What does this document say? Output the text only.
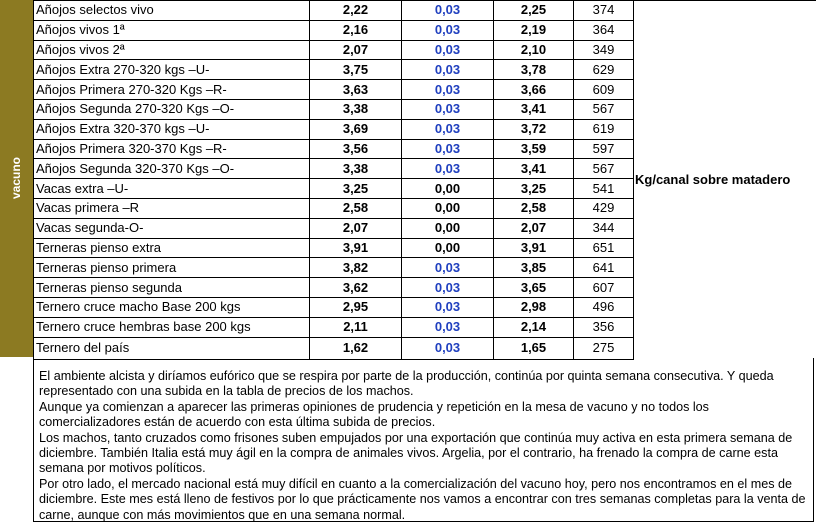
vacuno
Añojos selectos vivo	2,22	0,03	2,25	374
Añojos vivos 1ª	2,16	0,03	2,19	364
Añojos vivos 2ª	2,07	0,03	2,10	349
Añojos Extra 270-320 kgs –U-	3,75	0,03	3,78	629
Añojos Primera 270-320 Kgs –R-	3,63	0,03	3,66	609
Añojos Segunda 270-320 Kgs –O-	3,38	0,03	3,41	567
Añojos Extra 320-370 kgs –U-	3,69	0,03	3,72	619
Añojos Primera 320-370 Kgs –R-	3,56	0,03	3,59	597
Añojos Segunda 320-370 Kgs –O-	3,38	0,03	3,41	567
Vacas extra –U-	3,25	0,00	3,25	541
Vacas primera –R	2,58	0,00	2,58	429
Vacas segunda-O-	2,07	0,00	2,07	344
Terneras pienso extra	3,91	0,00	3,91	651
Terneras pienso primera	3,82	0,03	3,85	641
Terneras pienso segunda	3,62	0,03	3,65	607
Ternero cruce macho Base 200 kgs	2,95	0,03	2,98	496
Ternero cruce hembras base 200 kgs	2,11	0,03	2,14	356
Ternero del país	1,62	0,03	1,65	275
Kg/canal sobre matadero

El ambiente alcista y diríamos eufórico que se respira por parte de la producción, continúa por quinta semana consecutiva. Y queda representado con una subida en la tabla de precios de los machos.

Aunque ya comienzan a aparecer las primeras opiniones de prudencia y repetición en la mesa de vacuno y no todos los comercializadores están de acuerdo con esta última subida de precios.

Los machos, tanto cruzados como frisones suben empujados por una exportación que continúa muy activa en esta primera semana de diciembre. También Italia está muy ágil en la compra de animales vivos. Argelia, por el contrario, ha frenado la compra de carne esta semana por motivos políticos.

Por otro lado, el mercado nacional está muy difícil en cuanto a la comercialización del vacuno hoy, pero nos encontramos en el mes de diciembre. Este mes está lleno de festivos por lo que prácticamente nos vamos a encontrar con tres semanas completas para la venta de carne, aunque con más movimientos que en una semana normal.
